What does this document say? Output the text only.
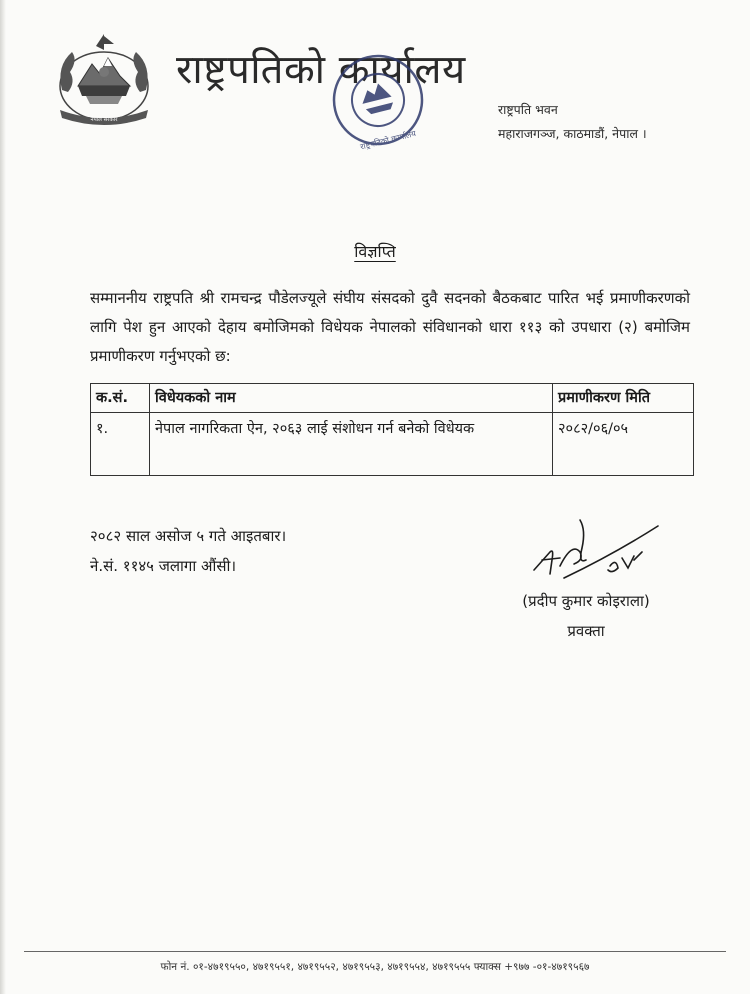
नेपाल सरकार
राष्ट्रपतिको कार्यालय
राष्ट्रपतिको कार्यालय
राष्ट्रपति भवन
महाराजगञ्ज, काठमाडौं, नेपाल ।
विज्ञप्ति

सम्माननीय राष्ट्रपति श्री रामचन्द्र पौडेलज्यूले संघीय संसदको दुवै सदनको बैठकबाट पारित भई प्रमाणीकरणको लागि पेश हुन आएको देहाय बमोजिमको विधेयक नेपालको संविधानको धारा ११३ को उपधारा (२) बमोजिम प्रमाणीकरण गर्नुभएको छ:

क.सं.	विधेयकको नाम	प्रमाणीकरण मिति
१.	नेपाल नागरिकता ऐन, २०६३ लाई संशोधन गर्न बनेको विधेयक	२०८२/०६/०५
२०८२ साल असोज ५ गते आइतबार।
ने.सं. ११४५ जलागा औंसी।
(प्रदीप कुमार कोइराला)
प्रवक्ता
फोन नं. ०१-४७१९५५०, ४७१९५५१, ४७१९५५२, ४७१९५५३, ४७१९५५४, ४७१९५५५ फ्याक्स +९७७ -०१-४७१९५६७
